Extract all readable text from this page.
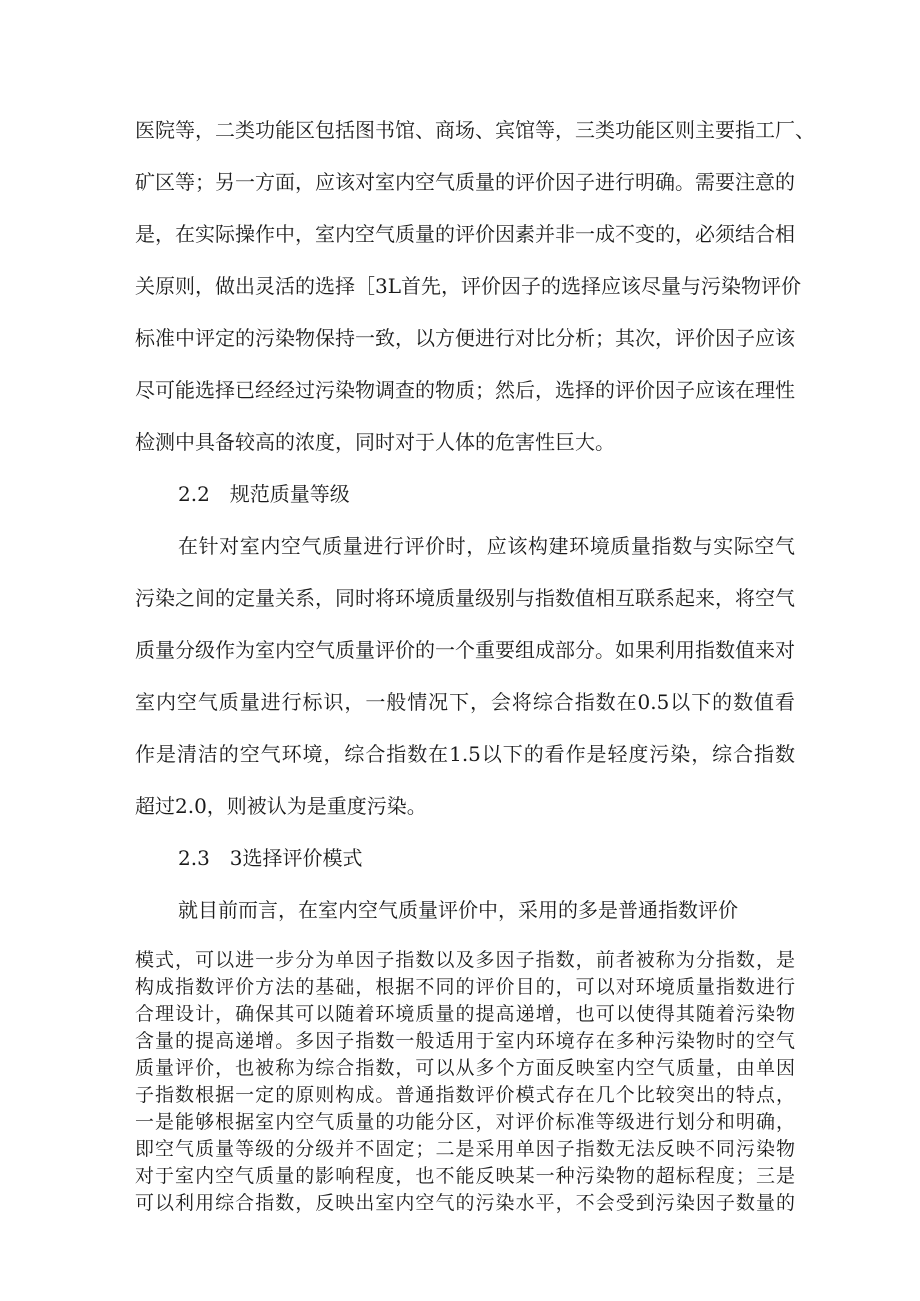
医院等，二类功能区包括图书馆、商场、宾馆等，三类功能区则主要指工厂、
矿区等；另一方面，应该对室内空气质量的评价因子进行明确。需要注意的
是，在实际操作中，室内空气质量的评价因素并非一成不变的，必须结合相
关原则，做出灵活的选择［3L首先，评价因子的选择应该尽量与污染物评价
标准中评定的污染物保持一致，以方便进行对比分析；其次，评价因子应该
尽可能选择已经经过污染物调查的物质；然后，选择的评价因子应该在理性
检测中具备较高的浓度，同时对于人体的危害性巨大。
2.2　规范质量等级
在针对室内空气质量进行评价时，应该构建环境质量指数与实际空气
污染之间的定量关系，同时将环境质量级别与指数值相互联系起来，将空气
质量分级作为室内空气质量评价的一个重要组成部分。如果利用指数值来对
室内空气质量进行标识，一般情况下，会将综合指数在0.5以下的数值看
作是清洁的空气环境，综合指数在1.5以下的看作是轻度污染，综合指数
超过2.0，则被认为是重度污染。
2.3　3选择评价模式
就目前而言，在室内空气质量评价中，采用的多是普通指数评价
模式，可以进一步分为单因子指数以及多因子指数，前者被称为分指数，是
构成指数评价方法的基础，根据不同的评价目的，可以对环境质量指数进行
合理设计，确保其可以随着环境质量的提高递增，也可以使得其随着污染物
含量的提高递增。多因子指数一般适用于室内环境存在多种污染物时的空气
质量评价，也被称为综合指数，可以从多个方面反映室内空气质量，由单因
子指数根据一定的原则构成。普通指数评价模式存在几个比较突出的特点，
一是能够根据室内空气质量的功能分区，对评价标准等级进行划分和明确，
即空气质量等级的分级并不固定；二是采用单因子指数无法反映不同污染物
对于室内空气质量的影响程度，也不能反映某一种污染物的超标程度；三是
可以利用综合指数，反映出室内空气的污染水平，不会受到污染因子数量的
